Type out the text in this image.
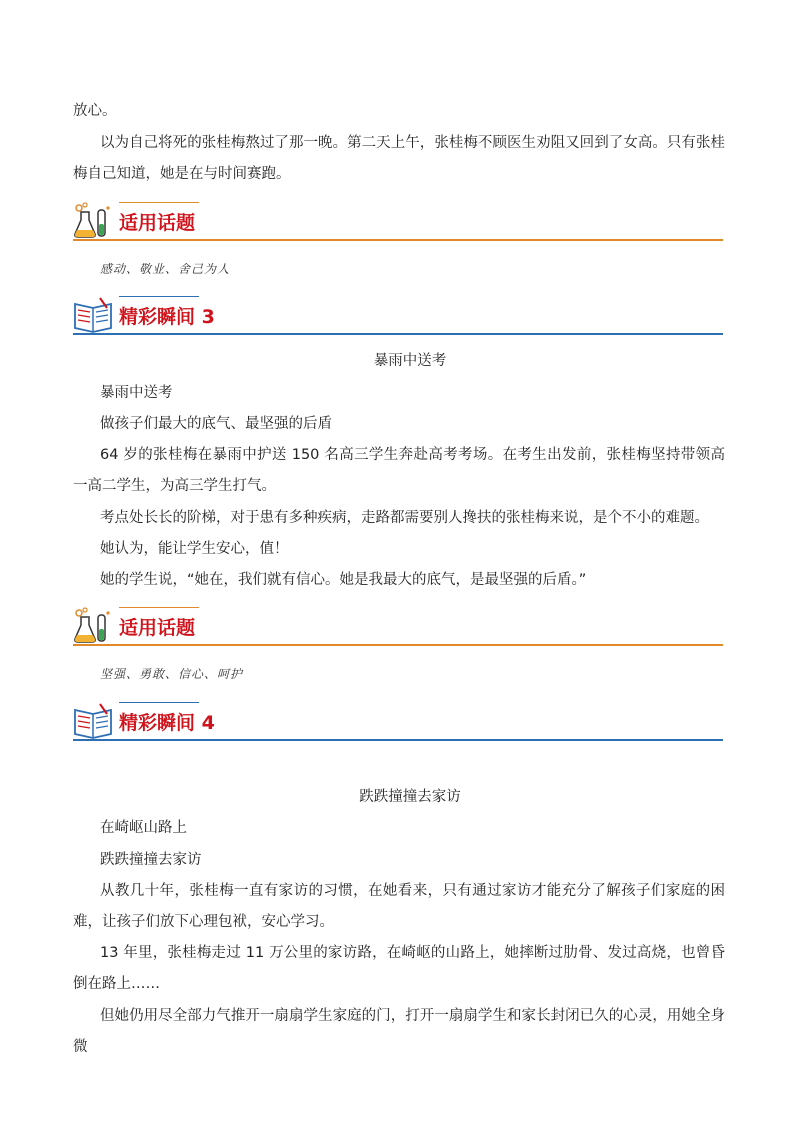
放心。

以为自己将死的张桂梅熬过了那一晚。第二天上午，张桂梅不顾医生劝阻又回到了女高。只有张桂梅自己知道，她是在与时间赛跑。

适用话题
感动、敬业、舍己为人
精彩瞬间 3

暴雨中送考

暴雨中送考

做孩子们最大的底气、最坚强的后盾

64 岁的张桂梅在暴雨中护送 150 名高三学生奔赴高考考场。在考生出发前，张桂梅坚持带领高一高二学生，为高三学生打气。

考点处长长的阶梯，对于患有多种疾病，走路都需要别人搀扶的张桂梅来说，是个不小的难题。

她认为，能让学生安心，值！

她的学生说，“她在，我们就有信心。她是我最大的底气，是最坚强的后盾。”

适用话题
坚强、勇敢、信心、呵护
精彩瞬间 4

跌跌撞撞去家访

在崎岖山路上

跌跌撞撞去家访

从教几十年，张桂梅一直有家访的习惯，在她看来，只有通过家访才能充分了解孩子们家庭的困难，让孩子们放下心理包袱，安心学习。

13 年里，张桂梅走过 11 万公里的家访路，在崎岖的山路上，她摔断过肋骨、发过高烧，也曾昏倒在路上……

但她仍用尽全部力气推开一扇扇学生家庭的门，打开一扇扇学生和家长封闭已久的心灵，用她全身微
